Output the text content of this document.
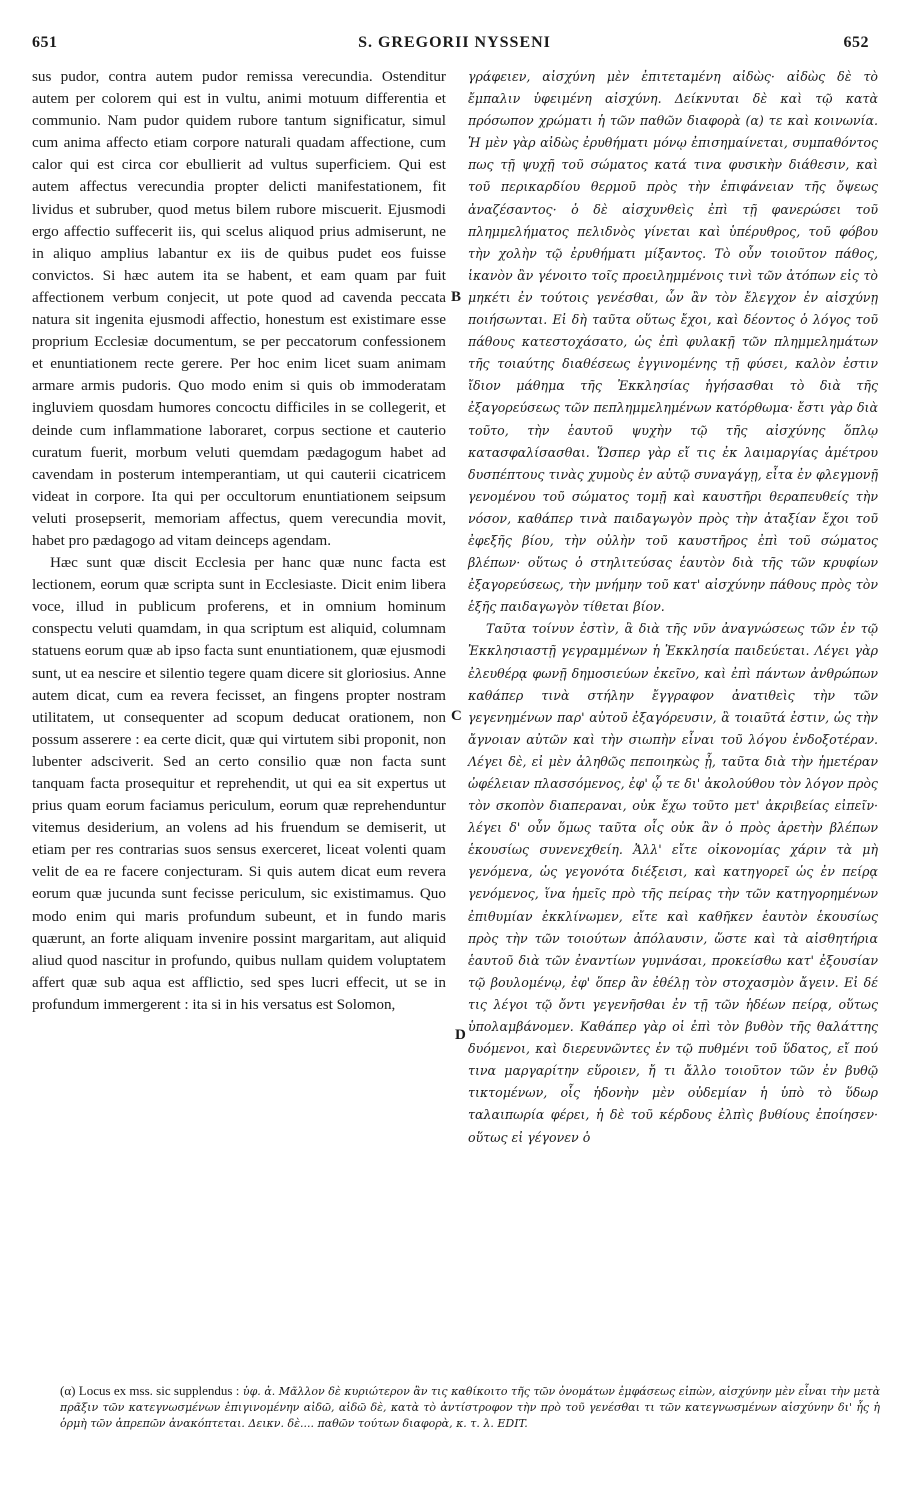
651	S. GREGORII NYSSENI	652

sus pudor, contra autem pudor remissa verecundia. Ostenditur autem per colorem qui est in vultu, animi motuum differentia et communio. Nam pudor quidem rubore tantum significatur, simul cum anima affecto etiam corpore naturali quadam affectione, cum calor qui est circa cor ebullierit ad vultus superficiem. Qui est autem affectus verecundia propter delicti manifestationem, fit lividus et subruber, quod metus bilem rubore miscuerit. Ejusmodi ergo affectio suffecerit iis, qui scelus aliquod prius admiserunt, ne in aliquo amplius labantur ex iis de quibus pudet eos fuisse convictos. Si hæc autem ita se habent, et eam quam par fuit affectionem verbum conjecit, ut pote quod ad cavenda peccata natura sit ingenita ejusmodi affectio, honestum est existimare esse proprium Ecclesiæ documentum, se per peccatorum confessionem et enuntiationem recte gerere. Per hoc enim licet suam animam armare armis pudoris. Quo modo enim si quis ob immoderatam ingluviem quosdam humores concoctu difficiles in se collegerit, et deinde cum inflammatione laboraret, corpus sectione et cauterio curatum fuerit, morbum veluti quemdam pædagogum habet ad cavendam in posterum intemperantiam, ut qui cauterii cicatricem videat in corpore. Ita qui per occultorum enuntiationem seipsum veluti prosepserit, memoriam affectus, quem verecundia movit, habet pro pædagogo ad vitam deinceps agendam.

Hæc sunt quæ discit Ecclesia per hanc quæ nunc facta est lectionem, eorum quæ scripta sunt in Ecclesiaste. Dicit enim libera voce, illud in publicum proferens, et in omnium hominum conspectu veluti quamdam, in qua scriptum est aliquid, columnam statuens eorum quæ ab ipso facta sunt enuntiationem, quæ ejusmodi sunt, ut ea nescire et silentio tegere quam dicere sit gloriosius. Anne autem dicat, cum ea revera fecisset, an fingens propter nostram utilitatem, ut consequenter ad scopum deducat orationem, non possum asserere : ea certe dicit, quæ qui virtutem sibi proponit, non lubenter adsciverit. Sed an certo consilio quæ non facta sunt tanquam facta prosequitur et reprehendit, ut qui ea sit expertus ut prius quam eorum faciamus periculum, eorum quæ reprehenduntur vitemus desiderium, an volens ad his fruendum se demiserit, ut etiam per res contrarias suos sensus exerceret, liceat volenti quam velit de ea re facere conjecturam. Si quis autem dicat eum revera eorum quæ jucunda sunt fecisse periculum, sic existimamus. Quo modo enim qui maris profundum subeunt, et in fundo maris quærunt, an forte aliquam invenire possint margaritam, aut aliquid aliud quod nascitur in profundo, quibus nullam quidem voluptatem affert quæ sub aqua est afflictio, sed spes lucri effecit, ut se in profundum immergerent : ita si in his versatus est Solomon,

B
C
D

γράφειεν, αἰσχύνη μὲν ἐπιτεταμένη αἰδὼς· αἰδὼς δὲ τὸ ἔμπαλιν ὑφειμένη αἰσχύνη. Δείκνυται δὲ καὶ τῷ κατὰ πρόσωπον χρώματι ἡ τῶν παθῶν διαφορὰ (α) τε καὶ κοινωνία. Ἡ μὲν γὰρ αἰδὼς ἐρυθήματι μόνῳ ἐπισημαίνεται, συμπαθόντος πως τῇ ψυχῇ τοῦ σώματος κατά τινα φυσικὴν διάθεσιν, καὶ τοῦ περικαρδίου θερμοῦ πρὸς τὴν ἐπιφάνειαν τῆς ὄψεως ἀναζέσαντος· ὁ δὲ αἰσχυνθεὶς ἐπὶ τῇ φανερώσει τοῦ πλημμελήματος πελιδνὸς γίνεται καὶ ὑπέρυθρος, τοῦ φόβου τὴν χολὴν τῷ ἐρυθήματι μίξαντος. Τὸ οὖν τοιοῦτον πάθος, ἱκανὸν ἂν γένοιτο τοῖς προειλημμένοις τινὶ τῶν ἀτόπων εἰς τὸ μηκέτι ἐν τούτοις γενέσθαι, ὧν ἂν τὸν ἔλεγχον ἐν αἰσχύνῃ ποιήσωνται. Εἰ δὴ ταῦτα οὕτως ἔχοι, καὶ δέοντος ὁ λόγος τοῦ πάθους κατεστοχάσατο, ὡς ἐπὶ φυλακῇ τῶν πλημμελημάτων τῆς τοιαύτης διαθέσεως ἐγγινομένης τῇ φύσει, καλὸν ἐστιν ἴδιον μάθημα τῆς Ἐκκλησίας ἡγήσασθαι τὸ διὰ τῆς ἐξαγορεύσεως τῶν πεπλημμελημένων κατόρθωμα· ἔστι γὰρ διὰ τοῦτο, τὴν ἑαυτοῦ ψυχὴν τῷ τῆς αἰσχύνης ὅπλῳ κατασφαλίσασθαι. Ὥσπερ γὰρ εἴ τις ἐκ λαιμαργίας ἀμέτρου δυσπέπτους τινὰς χυμοὺς ἐν αὐτῷ συναγάγῃ, εἶτα ἐν φλεγμονῇ γενομένου τοῦ σώματος τομῇ καὶ καυστῆρι θεραπευθείς τὴν νόσον, καθάπερ τινὰ παιδαγωγὸν πρὸς τὴν ἀταξίαν ἔχοι τοῦ ἐφεξῆς βίου, τὴν οὐλὴν τοῦ καυστῆρος ἐπὶ τοῦ σώματος βλέπων· οὕτως ὁ στηλιτεύσας ἑαυτὸν διὰ τῆς τῶν κρυφίων ἐξαγορεύσεως, τὴν μνήμην τοῦ κατ' αἰσχύνην πάθους πρὸς τὸν ἑξῆς παιδαγωγὸν τίθεται βίον.

Ταῦτα τοίνυν ἐστὶν, ἃ διὰ τῆς νῦν ἀναγνώσεως τῶν ἐν τῷ Ἐκκλησιαστῇ γεγραμμένων ἡ Ἐκκλησία παιδεύεται. Λέγει γὰρ ἐλευθέρᾳ φωνῇ δημοσιεύων ἐκεῖνο, καὶ ἐπὶ πάντων ἀνθρώπων καθάπερ τινὰ στήλην ἔγγραφον ἀνατιθεὶς τὴν τῶν γεγενημένων παρ' αὐτοῦ ἐξαγόρευσιν, ἃ τοιαῦτά ἐστιν, ὡς τὴν ἄγνοιαν αὐτῶν καὶ τὴν σιωπὴν εἶναι τοῦ λόγου ἐνδοξοτέραν. Λέγει δὲ, εἰ μὲν ἀληθῶς πεποιηκὼς ᾖ, ταῦτα διὰ τὴν ἡμετέραν ὠφέλειαν πλασσόμενος, ἐφ' ᾧ τε δι' ἀκολούθου τὸν λόγον πρὸς τὸν σκοπὸν διαπεραναι, οὐκ ἔχω τοῦτο μετ' ἀκριβείας εἰπεῖν· λέγει δ' οὖν ὅμως ταῦτα οἷς οὐκ ἂν ὁ πρὸς ἀρετὴν βλέπων ἑκουσίως συνενεχθείη. Ἀλλ' εἴτε οἰκονομίας χάριν τὰ μὴ γενόμενα, ὡς γεγονότα διέξεισι, καὶ κατηγορεῖ ὡς ἐν πείρᾳ γενόμενος, ἵνα ἡμεῖς πρὸ τῆς πείρας τὴν τῶν κατηγορημένων ἐπιθυμίαν ἐκκλίνωμεν, εἴτε καὶ καθῆκεν ἑαυτὸν ἑκουσίως πρὸς τὴν τῶν τοιούτων ἀπόλαυσιν, ὥστε καὶ τὰ αἰσθητήρια ἑαυτοῦ διὰ τῶν ἐναντίων γυμνάσαι, προκείσθω κατ' ἐξουσίαν τῷ βουλομένῳ, ἐφ' ὅπερ ἂν ἐθέλῃ τὸν στοχασμὸν ἄγειν. Εἰ δέ τις λέγοι τῷ ὄντι γεγενῆσθαι ἐν τῇ τῶν ἡδέων πείρᾳ, οὕτως ὑπολαμβάνομεν. Καθάπερ γὰρ οἱ ἐπὶ τὸν βυθὸν τῆς θαλάττης δυόμενοι, καὶ διερευνῶντες ἐν τῷ πυθμένι τοῦ ὕδατος, εἴ πού τινα μαργαρίτην εὕροιεν, ἤ τι ἄλλο τοιοῦτον τῶν ἐν βυθῷ τικτομένων, οἷς ἡδονὴν μὲν οὐδεμίαν ἡ ὑπὸ τὸ ὕδωρ ταλαιπωρία φέρει, ἡ δὲ τοῦ κέρδους ἐλπὶς βυθίους ἐποίησεν· οὕτως εἰ γέγονεν ὁ

(α) Locus ex mss. sic supplendus : ὑφ. ἀ. Μᾶλλον δὲ κυριώτερον ἂν τις καθίκοιτο τῆς τῶν ὀνομάτων ἐμφάσεως εἰπὼν, αἰσχύνην μὲν εἶναι τὴν μετὰ πρᾶξιν τῶν κατεγνωσμένων ἐπιγινομένην αἰδῶ, αἰδῶ δὲ, κατὰ τὸ ἀντίστροφον τὴν πρὸ τοῦ γενέσθαι τι τῶν κατεγνωσμένων αἰσχύνην δι' ἧς ἡ ὁρμὴ τῶν ἀπρεπῶν ἀνακόπτεται. Δεικν. δὲ.... παθῶν τούτων διαφορὰ, κ. τ. λ. EDIT.
